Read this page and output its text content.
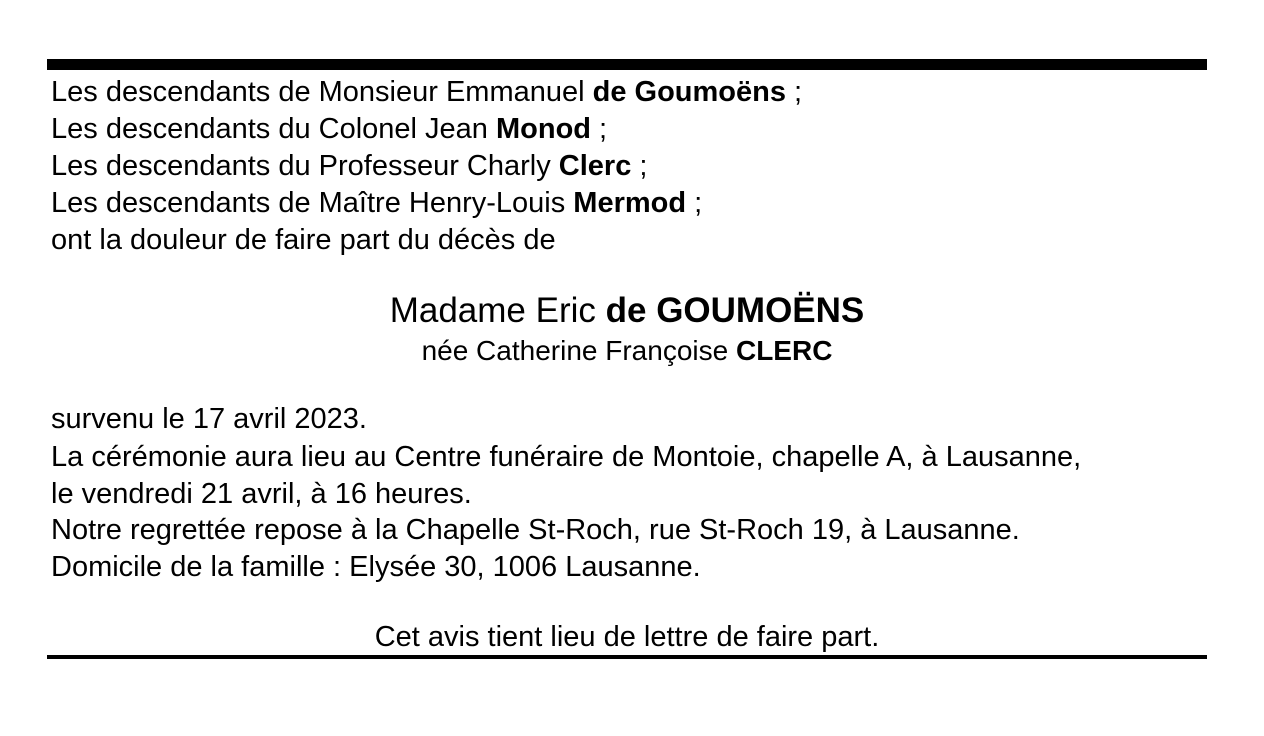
Les descendants de Monsieur Emmanuel de Goumoëns ;
Les descendants du Colonel Jean Monod ;
Les descendants du Professeur Charly Clerc ;
Les descendants de Maître Henry-Louis Mermod ;
ont la douleur de faire part du décès de
Madame Eric de GOUMOËNS
née Catherine Françoise CLERC
survenu le 17 avril 2023.
La cérémonie aura lieu au Centre funéraire de Montoie, chapelle A, à Lausanne,
le vendredi 21 avril, à 16 heures.
Notre regrettée repose à la Chapelle St-Roch, rue St-Roch 19, à Lausanne.
Domicile de la famille : Elysée 30, 1006 Lausanne.
Cet avis tient lieu de lettre de faire part.
